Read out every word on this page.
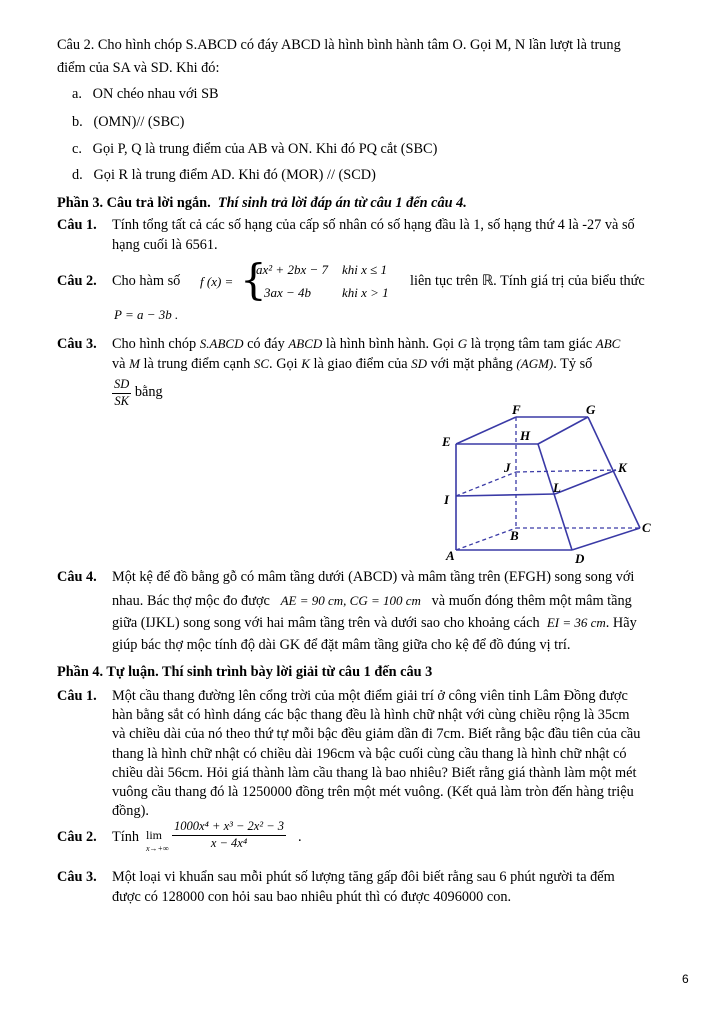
Câu 2. Cho hình chóp S.ABCD có đáy ABCD là hình bình hành tâm O. Gọi M, N lần lượt là trung
điểm của SA và SD. Khi đó:
a. ON chéo nhau với SB
b. (OMN)// (SBC)
c. Gọi P, Q là trung điểm của AB và ON. Khi đó PQ cắt (SBC)
d. Gọi R là trung điểm AD. Khi đó (MOR) // (SCD)
Phần 3. Câu trả lời ngắn. Thí sinh trả lời đáp án từ câu 1 đến câu 4.
Câu 1. Tính tổng tất cả các số hạng của cấp số nhân có số hạng đầu là 1, số hạng thứ 4 là -27 và số
hạng cuối là 6561.
Câu 2. Cho hàm số f (x) = {
ax² + 2bx − 7 khi x ≤ 1
3ax − 4b khi x > 1
liên tục trên ℝ. Tính giá trị của biểu thức
P = a − 3b .
Câu 3. Cho hình chóp S.ABCD có đáy ABCD là hình bình hành. Gọi G là trọng tâm tam giác ABC
và M là trung điểm cạnh SC. Gọi K là giao điểm của SD với mặt phẳng (AGM). Tỷ số
$\frac{SD}{SK}$ bằng
F	G
E	H
J	K
I
L
B
C
A	D
Câu 4. Một kệ để đồ bằng gỗ có mâm tầng dưới (ABCD) và mâm tầng trên (EFGH) song song với
nhau. Bác thợ mộc đo được AE = 90 cm, CG = 100 cm và muốn đóng thêm một mâm tầng
giữa (IJKL) song song với hai mâm tầng trên và dưới sao cho khoảng cách EI = 36 cm. Hãy
giúp bác thợ mộc tính độ dài GK để đặt mâm tầng giữa cho kệ để đồ đúng vị trí.
Phần 4. Tự luận. Thí sinh trình bày lời giải từ câu 1 đến câu 3
Câu 1. Một cầu thang đường lên cổng trời của một điểm giải trí ở công viên tỉnh Lâm Đồng được
hàn bằng sắt có hình dáng các bậc thang đều là hình chữ nhật với cùng chiều rộng là 35cm
và chiều dài của nó theo thứ tự mỗi bậc đều giảm dần đi 7cm. Biết rằng bậc đầu tiên của cầu
thang là hình chữ nhật có chiều dài 196cm và bậc cuối cùng cầu thang là hình chữ nhật có
chiều dài 56cm. Hỏi giá thành làm cầu thang là bao nhiêu? Biết rằng giá thành làm một mét
vuông cầu thang đó là 1250000 đồng trên một mét vuông. (Kết quả làm tròn đến hàng triệu
đồng).
Câu 2. Tính lim
$x\to+\infty \frac{\text{1000x⁴ + x³ − 2x² − 3}}{\text{x − 4x⁴}}$ .
Câu 3. Một loại vi khuẩn sau mỗi phút số lượng tăng gấp đôi biết rằng sau 6 phút người ta đếm
được có 128000 con hỏi sau bao nhiêu phút thì có được 4096000 con.
6
